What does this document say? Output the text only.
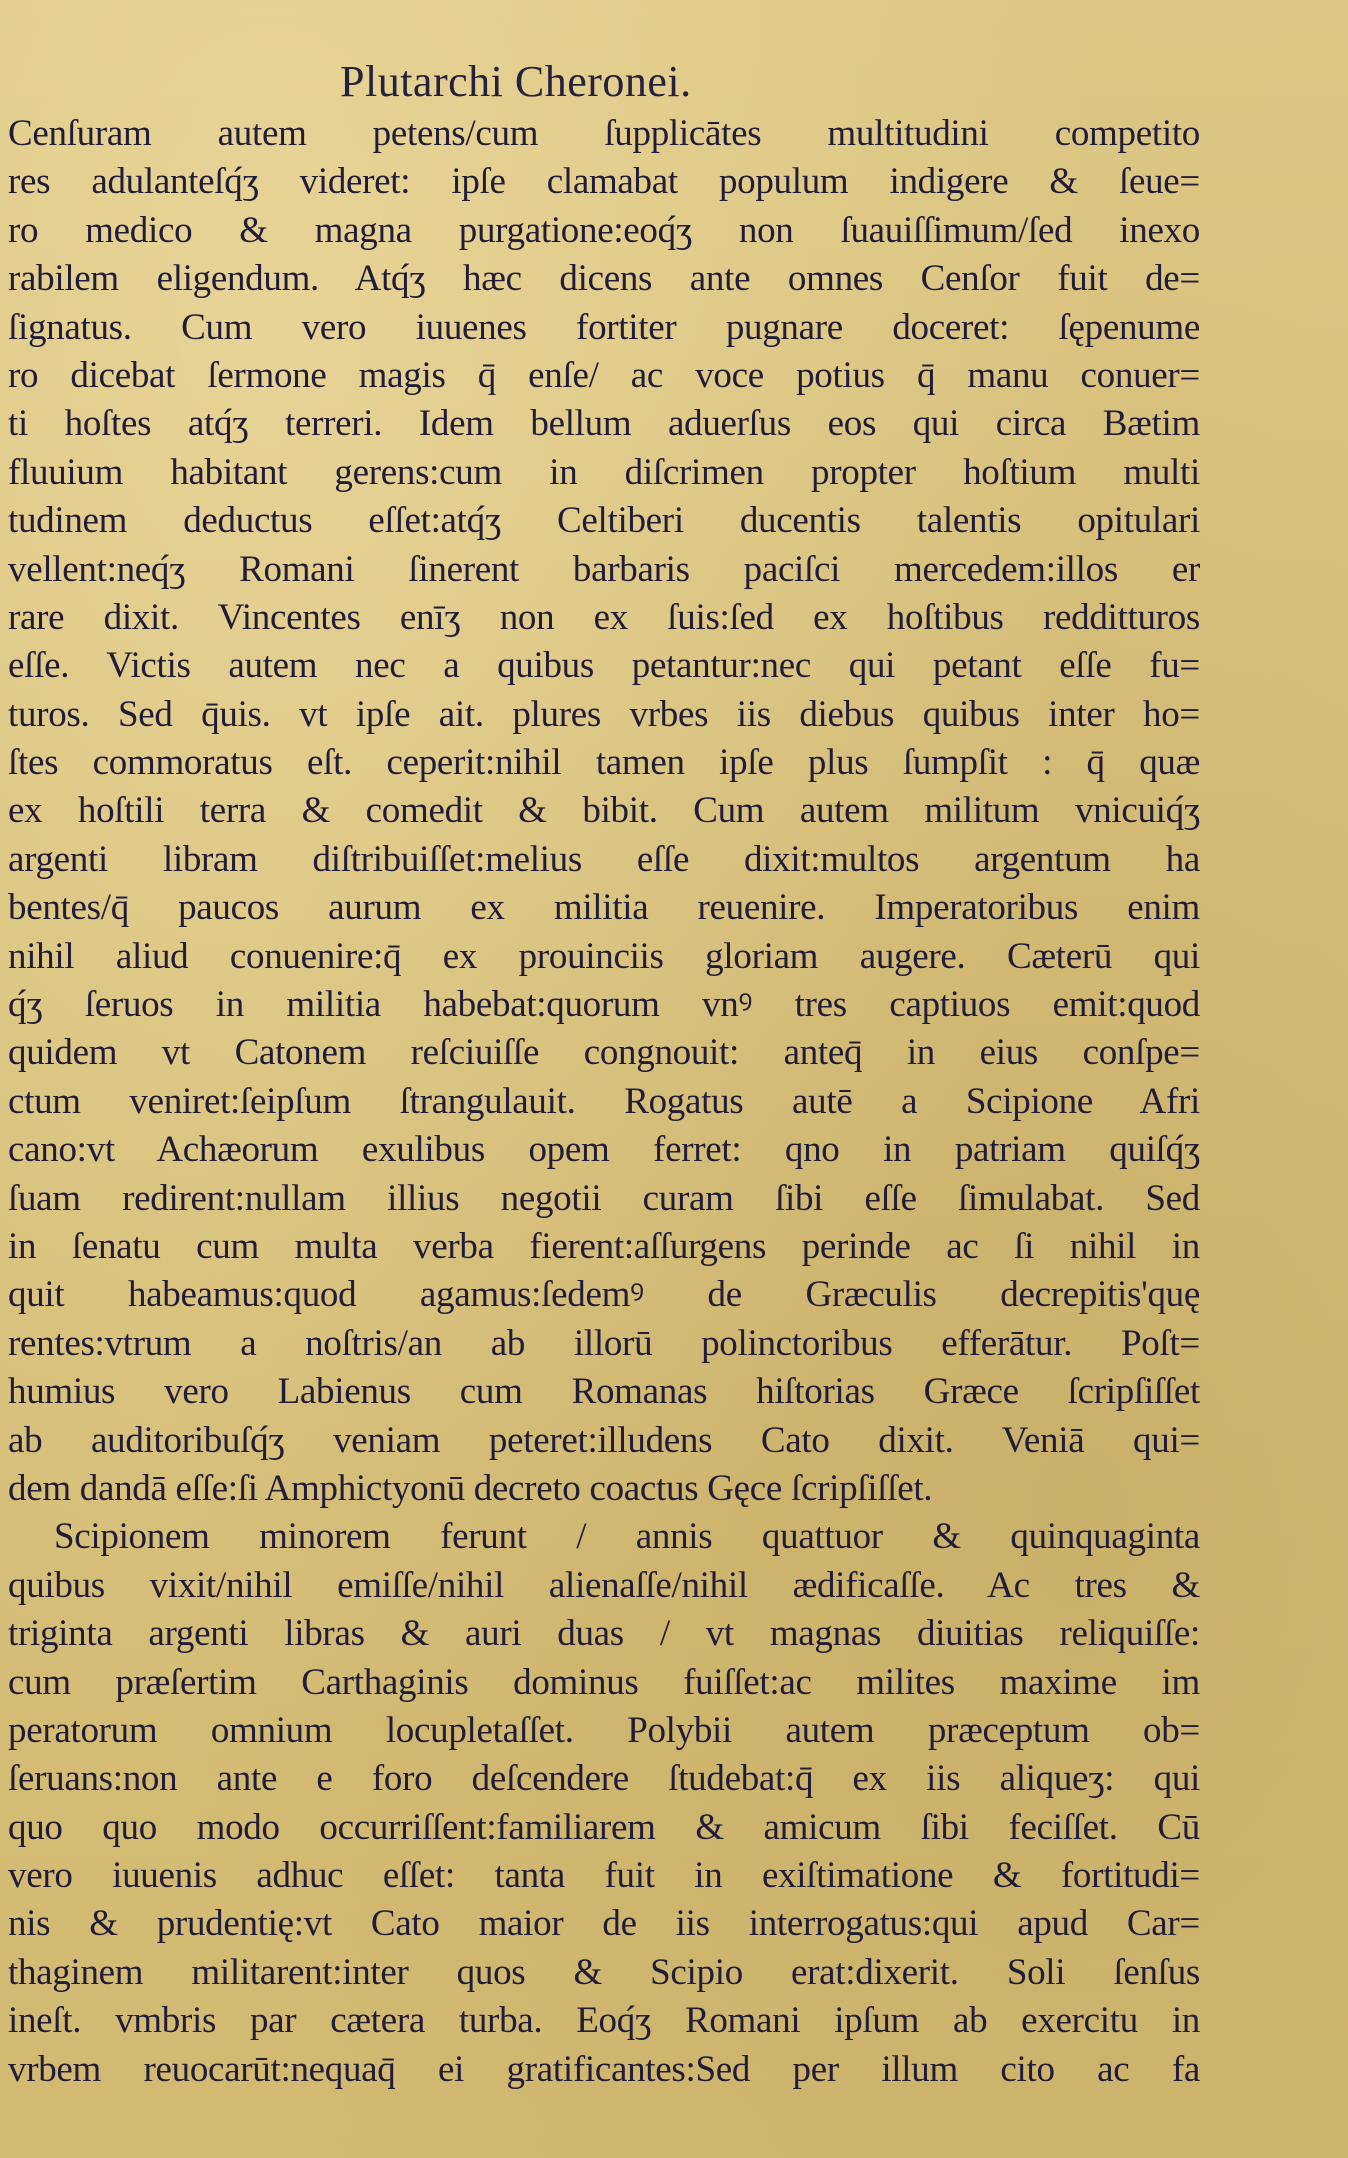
Plutarchi Cheronei.
Cenſuram autem petens/cum ſupplicātes multitudini competito
res adulanteſq́ʒ videret: ipſe clamabat populum indigere & ſeue=
ro medico & magna purgatione:eoq́ʒ non ſuauiſſimum/ſed inexo
rabilem eligendum. Atq́ʒ hæc dicens ante omnes Cenſor fuit de=
ſignatus. Cum vero iuuenes fortiter pugnare doceret: ſępenume
ro dicebat ſermone magis q̄ enſe/ ac voce potius q̄ manu conuer=
ti hoſtes atq́ʒ terreri. Idem bellum aduerſus eos qui circa Bætim
fluuium habitant gerens:cum in diſcrimen propter hoſtium multi
tudinem deductus eſſet:atq́ʒ Celtiberi ducentis talentis opitulari
vellent:neq́ʒ Romani ſinerent barbaris paciſci mercedem:illos er
rare dixit. Vincentes enīʒ non ex ſuis:ſed ex hoſtibus redditturos
eſſe. Victis autem nec a quibus petantur:nec qui petant eſſe fu=
turos. Sed q̄uis. vt ipſe ait. plures vrbes iis diebus quibus inter ho=
ſtes commoratus eſt. ceperit:nihil tamen ipſe plus ſumpſit : q̄ quæ
ex hoſtili terra & comedit & bibit. Cum autem militum vnicuiq́ʒ
argenti libram diſtribuiſſet:melius eſſe dixit:multos argentum ha
bentes/q̄ paucos aurum ex militia reuenire. Imperatoribus enim
nihil aliud conuenire:q̄ ex prouinciis gloriam augere. Cæterū qui
q́ʒ ſeruos in militia habebat:quorum vnꝰ tres captiuos emit:quod
quidem vt Catonem reſciuiſſe congnouit: anteq̄ in eius conſpe=
ctum veniret:ſeipſum ſtrangulauit. Rogatus autē a Scipione Afri
cano:vt Achæorum exulibus opem ferret: qno in patriam quiſq́ʒ
ſuam redirent:nullam illius negotii curam ſibi eſſe ſimulabat. Sed
in ſenatu cum multa verba fierent:aſſurgens perinde ac ſi nihil in
quit habeamus:quod agamus:ſedemꝰ de Græculis decrepitis'quę
rentes:vtrum a noſtris/an ab illorū polinctoribus efferātur. Poſt=
humius vero Labienus cum Romanas hiſtorias Græce ſcripſiſſet
ab auditoribuſq́ʒ veniam peteret:illudens Cato dixit. Veniā qui=
dem dandā eſſe:ſi Amphictyonū decreto coactus Gęce ſcripſiſſet.
Scipionem minorem ferunt / annis quattuor & quinquaginta
quibus vixit/nihil emiſſe/nihil alienaſſe/nihil ædificaſſe. Ac tres &
triginta argenti libras & auri duas / vt magnas diuitias reliquiſſe:
cum præſertim Carthaginis dominus fuiſſet:ac milites maxime im
peratorum omnium locupletaſſet. Polybii autem præceptum ob=
ſeruans:non ante e foro deſcendere ſtudebat:q̄ ex iis aliqueʒ: qui
quo quo modo occurriſſent:familiarem & amicum ſibi feciſſet. Cū
vero iuuenis adhuc eſſet: tanta fuit in exiſtimatione & fortitudi=
nis & prudentię:vt Cato maior de iis interrogatus:qui apud Car=
thaginem militarent:inter quos & Scipio erat:dixerit. Soli ſenſus
ineſt. vmbris par cætera turba. Eoq́ʒ Romani ipſum ab exercitu in
vrbem reuocarūt:nequaq̄ ei gratificantes:Sed per illum cito ac fa
